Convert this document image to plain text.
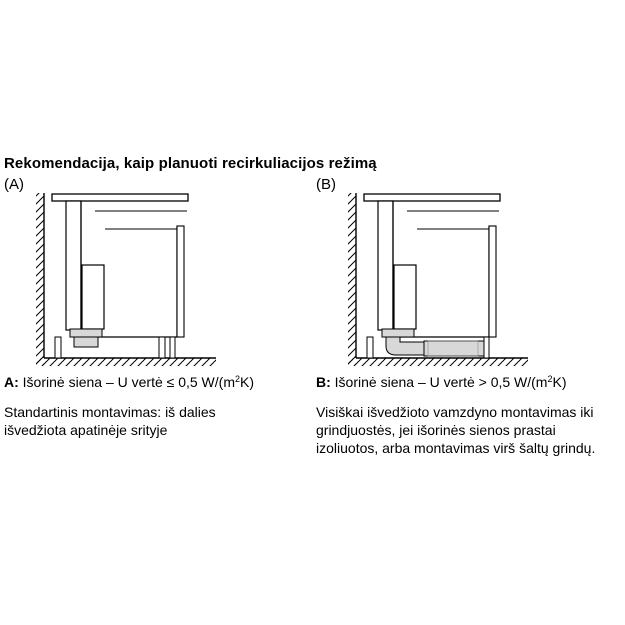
Rekomendacija, kaip planuoti recirkuliacijos režimą
(A)	(B)
A: Išorinė siena – U vertė ≤ 0,5 $W/(m^2K)$	B: Išorinė siena – U vertė > 0,5 $W/(m^2K)$
Standartinis montavimas: iš dalies
išvedžiota apatinėje srityje
Visiškai išvedžioto vamzdyno montavimas iki
grindjuostės, jei išorinės sienos prastai
izoliuotos, arba montavimas virš šaltų grindų.
